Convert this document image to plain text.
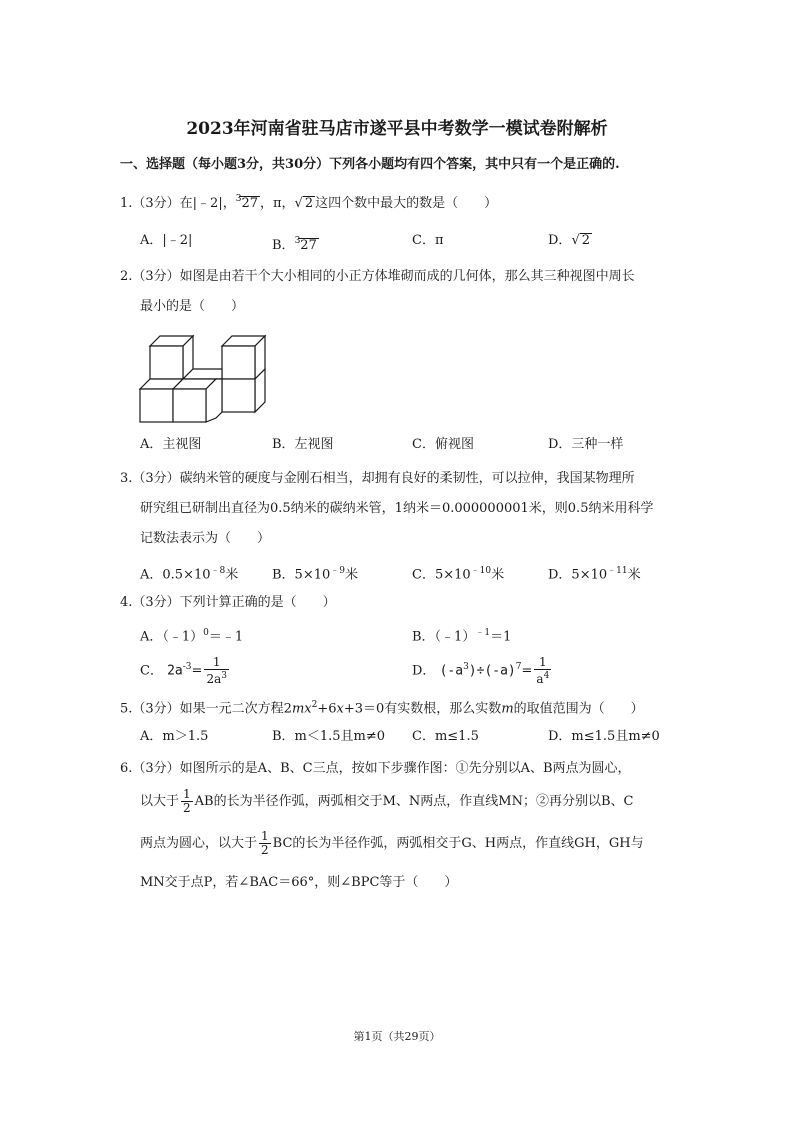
2023年河南省驻马店市遂平县中考数学一模试卷附解析
一、选择题（每小题3分，共30分）下列各小题均有四个答案，其中只有一个是正确的.
1.（3分）在|﹣2|，$^3$27 ，π，√ 2 这四个数中最大的数是（　　）
A．|﹣2|	B．$^3$27	C．π	D．√ 2
2.（3分）如图是由若干个大小相同的小正方体堆砌而成的几何体，那么其三种视图中周长
最小的是（　　）
A．主视图	B．左视图	C．俯视图	D．三种一样
3.（3分）碳纳米管的硬度与金刚石相当，却拥有良好的柔韧性，可以拉伸，我国某物理所
研究组已研制出直径为0.5纳米的碳纳米管，1纳米＝0.000000001米，则0.5纳米用科学
记数法表示为（　　）
A．$0.5\times 10^{﹣8}$米	B．$5\times 10^{﹣9}$米	C．$5\times 10^{﹣10}$米	D．$5\times 10^{﹣11}$米
4.（3分）下列计算正确的是（　　）
A．（﹣1）$^0$＝﹣1	B．（﹣1）$^{﹣1}$＝1
C． $2a^{-3}= \frac{1}{2a^3}$	D． $(-a^3)\div(-a)^7= \frac{1}{a^4}$
5.（3分）如果一元二次方程$2mx^2+6x+3=0$有实数根，那么实数m的取值范围为（　　）
A．m＞1.5	B．m＜1.5且m≠0 C．m≤1.5	D．m≤1.5且m≠0
6.（3分）如图所示的是A、B、C三点，按如下步骤作图：①先分别以A、B两点为圆心，
以大于 $\frac{1}{2}$ AB的长为半径作弧，两弧相交于M、N两点，作直线MN；②再分别以B、C
两点为圆心，以大于 $\frac{1}{2}$ BC的长为半径作弧，两弧相交于G、H两点，作直线GH，GH与
MN交于点P，若∠BAC＝66°，则∠BPC等于（　　）
第1页（共29页）
